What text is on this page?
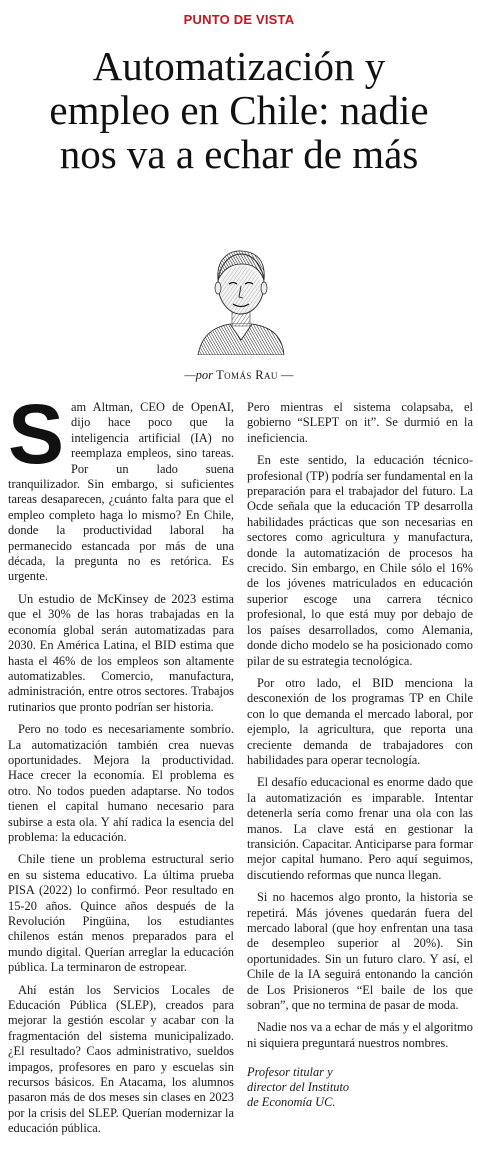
PUNTO DE VISTA
Automatización y
empleo en Chile: nadie
nos va a echar de más
—por Tomás Rau —

Sam Altman, CEO de OpenAI, dijo hace poco que la inteligencia artificial (IA) no reemplaza empleos, sino tareas. Por un lado suena tranquilizador. Sin embargo, si suficientes tareas desaparecen, ¿cuánto falta para que el empleo completo haga lo mismo? En Chile, donde la productividad laboral ha permanecido estancada por más de una década, la pregunta no es retórica. Es urgente.

Un estudio de McKinsey de 2023 estima que el 30% de las horas trabajadas en la economía global serán automatizadas para 2030. En América Latina, el BID estima que hasta el 46% de los empleos son altamente automatizables. Comercio, manufactura, administración, entre otros sectores. Trabajos rutinarios que pronto podrían ser historia.

Pero no todo es necesariamente sombrío. La automatización también crea nuevas oportunidades. Mejora la productividad. Hace crecer la economía. El problema es otro. No todos pueden adaptarse. No todos tienen el capital humano necesario para subirse a esta ola. Y ahí radica la esencia del problema: la educación.

Chile tiene un problema estructural serio en su sistema educativo. La última prueba PISA (2022) lo confirmó. Peor resultado en 15-20 años. Quince años después de la Revolución Pingüina, los estudiantes chilenos están menos preparados para el mundo digital. Querían arreglar la educación pública. La terminaron de estropear.

Ahí están los Servicios Locales de Educación Pública (SLEP), creados para mejorar la gestión escolar y acabar con la fragmentación del sistema municipalizado. ¿El resultado? Caos administrativo, sueldos impagos, profesores en paro y escuelas sin recursos básicos. En Atacama, los alumnos pasaron más de dos meses sin clases en 2023 por la crisis del SLEP. Querían modernizar la educación pública.

Pero mientras el sistema colapsaba, el gobierno “SLEPT on it”. Se durmió en la ineficiencia.

En este sentido, la educación técnico-profesional (TP) podría ser fundamental en la preparación para el trabajador del futuro. La Ocde señala que la educación TP desarrolla habilidades prácticas que son necesarias en sectores como agricultura y manufactura, donde la automatización de procesos ha crecido. Sin embargo, en Chile sólo el 16% de los jóvenes matriculados en educación superior escoge una carrera técnico profesional, lo que está muy por debajo de los países desarrollados, como Alemania, donde dicho modelo se ha posicionado como pilar de su estrategia tecnológica.

Por otro lado, el BID menciona la desconexión de los programas TP en Chile con lo que demanda el mercado laboral, por ejemplo, la agricultura, que reporta una creciente demanda de trabajadores con habilidades para operar tecnología.

El desafío educacional es enorme dado que la automatización es imparable. Intentar detenerla sería como frenar una ola con las manos. La clave está en gestionar la transición. Capacitar. Anticiparse para formar mejor capital humano. Pero aquí seguimos, discutiendo reformas que nunca llegan.

Si no hacemos algo pronto, la historia se repetirá. Más jóvenes quedarán fuera del mercado laboral (que hoy enfrentan una tasa de desempleo superior al 20%). Sin oportunidades. Sin un futuro claro. Y así, el Chile de la IA seguirá entonando la canción de Los Prisioneros “El baile de los que sobran”, que no termina de pasar de moda.

Nadie nos va a echar de más y el algoritmo ni siquiera preguntará nuestros nombres.

Profesor titular y
director del Instituto
de Economía UC.
